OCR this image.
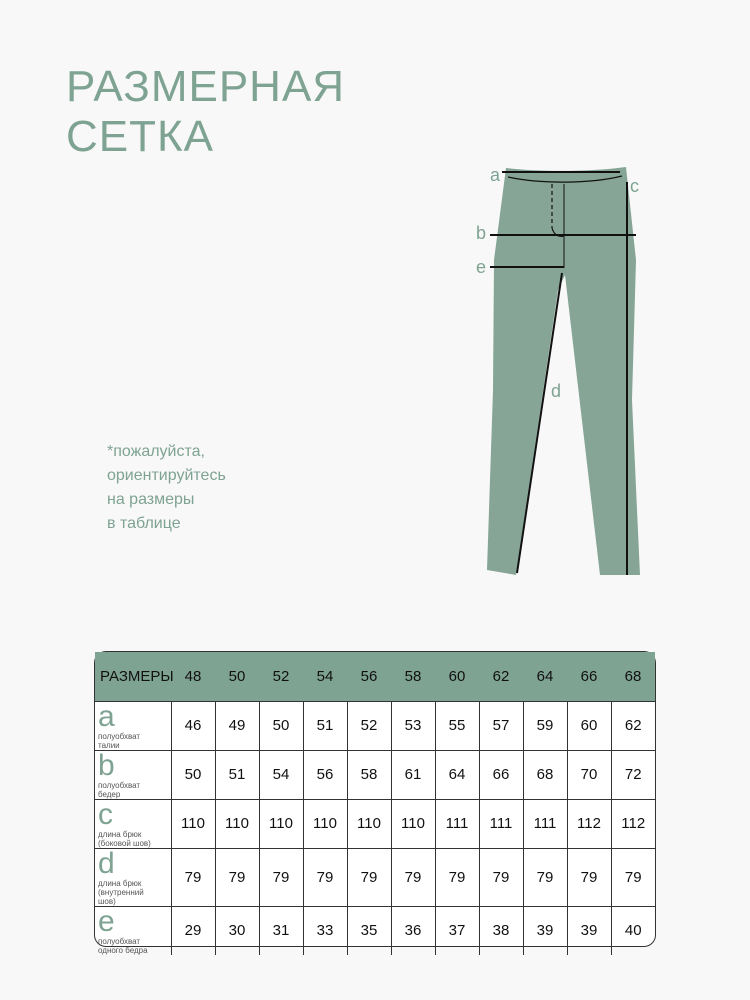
РАЗМЕРНАЯ
СЕТКА
*пожалуйста,
ориентируйтесь
на размеры
в таблице
a
c
b
e
d
РАЗМЕРЫ	48	50	52	54	56	58	60	62	64	66	68
aполуобхват талии	46	49	50	51	52	53	55	57	59	60	62
bполуобхват бедер	50	51	54	56	58	61	64	66	68	70	72
cдлина брюк (боковой шов)	110	110	110	110	110	110	111	111	111	112	112
dдлина брюк (внутренний шов)	79	79	79	79	79	79	79	79	79	79	79
eполуобхват одного бедра	29	30	31	33	35	36	37	38	39	39	40
